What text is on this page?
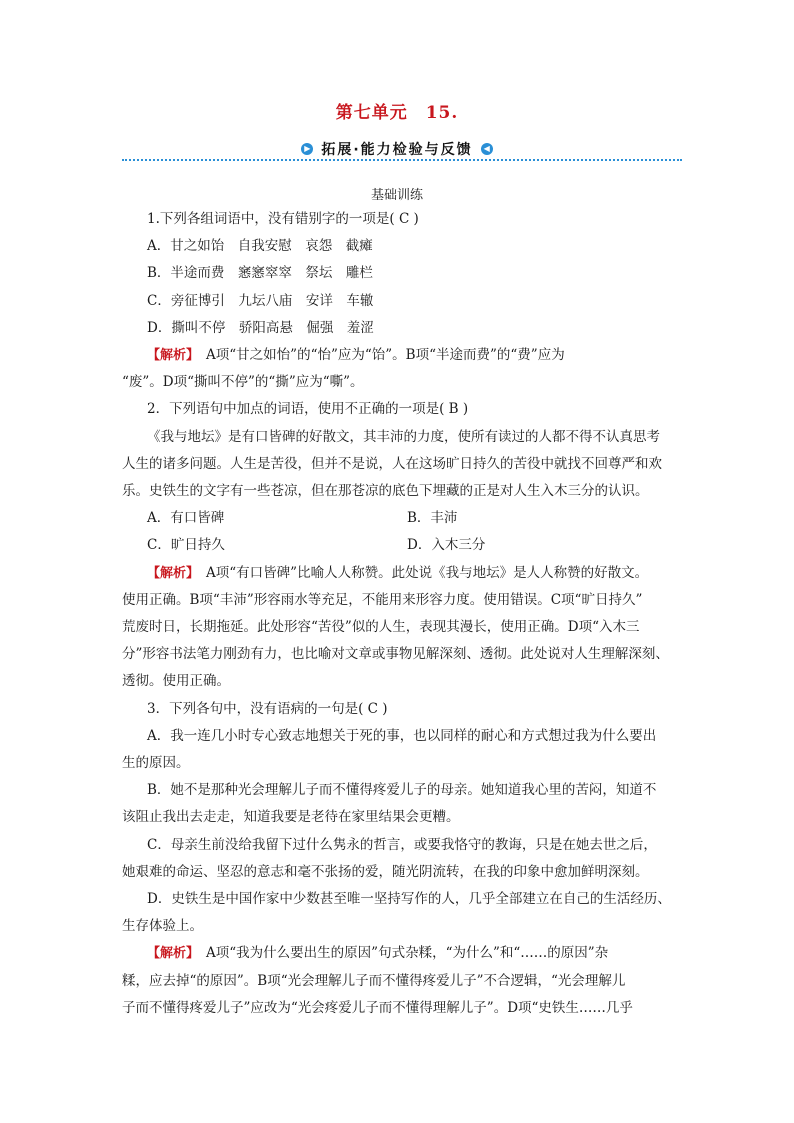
第七单元　15.
▶ 拓展·能力检验与反馈	◀
基础训练

1.下列各组词语中，没有错别字的一项是( C )

A．甘之如饴　自我安慰　哀怨　截瘫

B．半途而费　窸窸窣窣　祭坛　雕栏

C．旁征博引　九坛八庙　安详　车辙

D．撕叫不停　骄阳高悬　倔强　羞涩

【解析】　A项“甘之如怡”的“怡”应为“饴”。B项“半途而费”的“费”应为

“废”。D项“撕叫不停”的“撕”应为“嘶”。

2．下列语句中加点的词语，使用不正确的一项是( B )

《我与地坛》是有口皆碑的好散文，其丰沛的力度，使所有读过的人都不得不认真思考

人生的诸多问题。人生是苦役，但并不是说，人在这场旷日持久的苦役中就找不回尊严和欢

乐。史铁生的文字有一些苍凉，但在那苍凉的底色下埋藏的正是对人生入木三分的认识。

A．有口皆碑	B．丰沛
C．旷日持久	D．入木三分

【解析】　A项“有口皆碑”比喻人人称赞。此处说《我与地坛》是人人称赞的好散文。

使用正确。B项“丰沛”形容雨水等充足，不能用来形容力度。使用错误。C项“旷日持久”

荒废时日，长期拖延。此处形容“苦役”似的人生，表现其漫长，使用正确。D项“入木三

分”形容书法笔力刚劲有力，也比喻对文章或事物见解深刻、透彻。此处说对人生理解深刻、

透彻。使用正确。

3．下列各句中，没有语病的一句是( C )

A．我一连几小时专心致志地想关于死的事，也以同样的耐心和方式想过我为什么要出

生的原因。

B．她不是那种光会理解儿子而不懂得疼爱儿子的母亲。她知道我心里的苦闷，知道不

该阻止我出去走走，知道我要是老待在家里结果会更糟。

C．母亲生前没给我留下过什么隽永的哲言，或要我恪守的教诲，只是在她去世之后，

她艰难的命运、坚忍的意志和毫不张扬的爱，随光阴流转，在我的印象中愈加鲜明深刻。

D．史铁生是中国作家中少数甚至唯一坚持写作的人，几乎全部建立在自己的生活经历、

生存体验上。

【解析】　A项“我为什么要出生的原因”句式杂糅，“为什么”和“……的原因”杂

糅，应去掉“的原因”。B项“光会理解儿子而不懂得疼爱儿子”不合逻辑，“光会理解儿

子而不懂得疼爱儿子”应改为“光会疼爱儿子而不懂得理解儿子”。D项“史铁生……几乎
